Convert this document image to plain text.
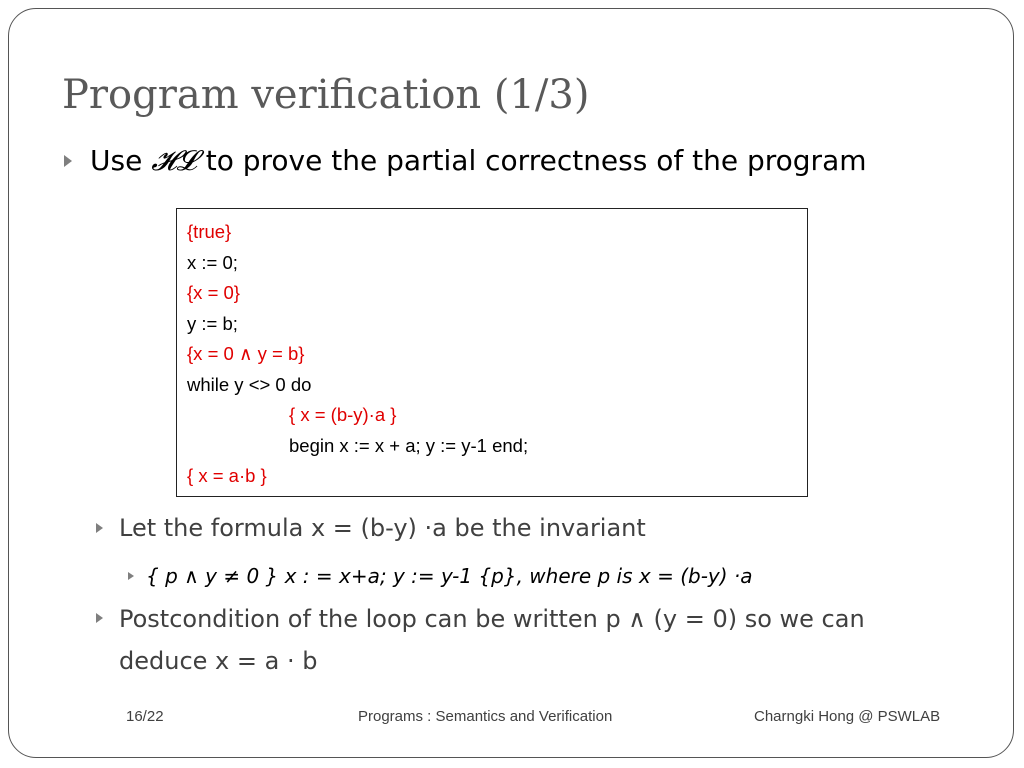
Program verification (1/3)
Use
𝓗𝓛
to prove the partial correctness of the program
{true}
x := 0;
{x = 0}
y := b;
{x = 0 ∧ y = b}
while y <> 0 do
{ x = (b-y)·a }
begin x := x + a; y := y-1 end;
{ x = a·b }
Let the formula x = (b-y) ·a be the invariant
{ p ∧ y ≠ 0 } x : = x+a; y := y-1 {p}, where p is x = (b-y) ·a
Postcondition of the loop can be written p ∧ (y = 0) so we can
deduce x = a · b
16/22	Programs : Semantics and Verification	Charngki Hong @ PSWLAB
